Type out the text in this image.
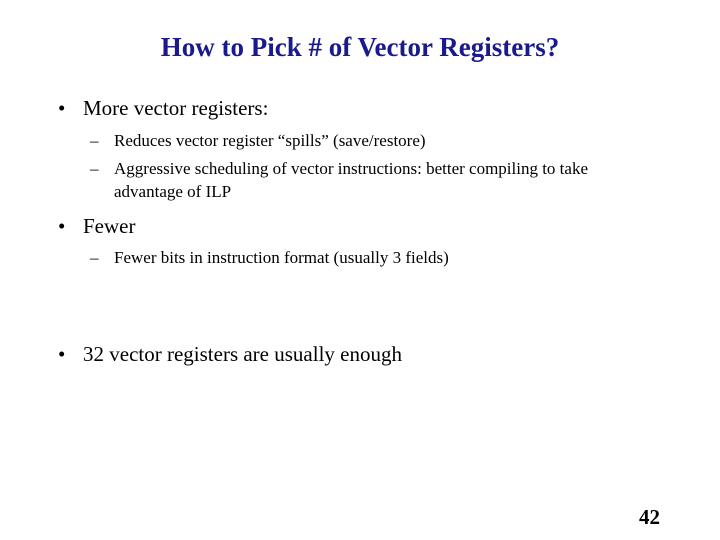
How to Pick # of Vector Registers?
• More vector registers:
– Reduces vector register “spills” (save/restore)
– Aggressive scheduling of vector instructions: better compiling to take advantage of ILP
• Fewer
– Fewer bits in instruction format (usually 3 fields)
• 32 vector registers are usually enough
42
